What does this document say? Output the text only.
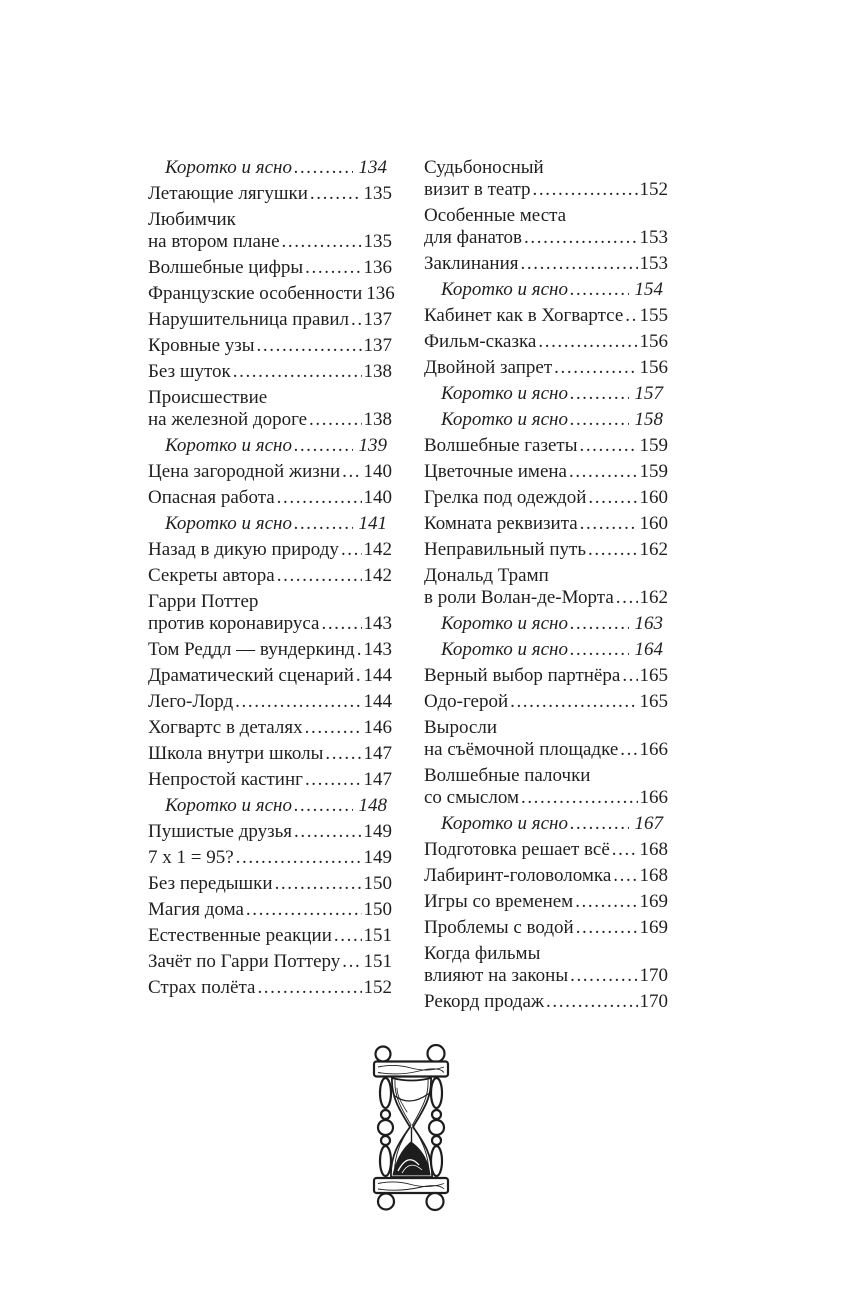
Коротко и ясно .....	134
Летающие лягушки .....	135
Любимчик
на втором плане .....	135
Волшебные цифры .....	136
Французские особенности 136
Нарушительница правил ..... 137
Кровные узы .....	137
Без шуток .....	138
Происшествие
на железной дороге .....	138
Коротко и ясно .....	139
Цена загородной жизни ..... 140
Опасная работа .....	140
Коротко и ясно .....	141
Назад в дикую природу ..... 142
Секреты автора .....	142
Гарри Поттер
против коронавируса ..... 143
Том Реддл — вундеркинд ..... 143
Драматический сценарий ..... 144
Лего-Лорд .....	144
Хогвартс в деталях .....	146
Школа внутри школы ..... 147
Непростой кастинг .....	147
Коротко и ясно .....	148
Пушистые друзья .....	149
7 х 1 = 95? .....	149
Без передышки .....	150
Магия дома .....	150
Естественные реакции ..... 151
Зачёт по Гарри Поттеру ..... 151
Страх полёта .....	152
Судьбоносный
визит в театр .....	152
Особенные места
для фанатов .....	153
Заклинания .....	153
Коротко и ясно .....	154
Кабинет как в Хогвартсе ..... 155
Фильм-сказка .....	156
Двойной запрет .....	156
Коротко и ясно .....	157
Коротко и ясно .....	158
Волшебные газеты .....	159
Цветочные имена .....	159
Грелка под одеждой .....	160
Комната реквизита .....	160
Неправильный путь .....	162
Дональд Трамп
в роли Волан-де-Морта ..... 162
Коротко и ясно .....	163
Коротко и ясно .....	164
Верный выбор партнёра ..... 165
Одо-герой .....	165
Выросли
на съёмочной площадке ..... 166
Волшебные палочки
со смыслом .....	166
Коротко и ясно .....	167
Подготовка решает всё ..... 168
Лабиринт-головоломка ..... 168
Игры со временем .....	169
Проблемы с водой .....	169
Когда фильмы
влияют на законы .....	170
Рекорд продаж .....	170
